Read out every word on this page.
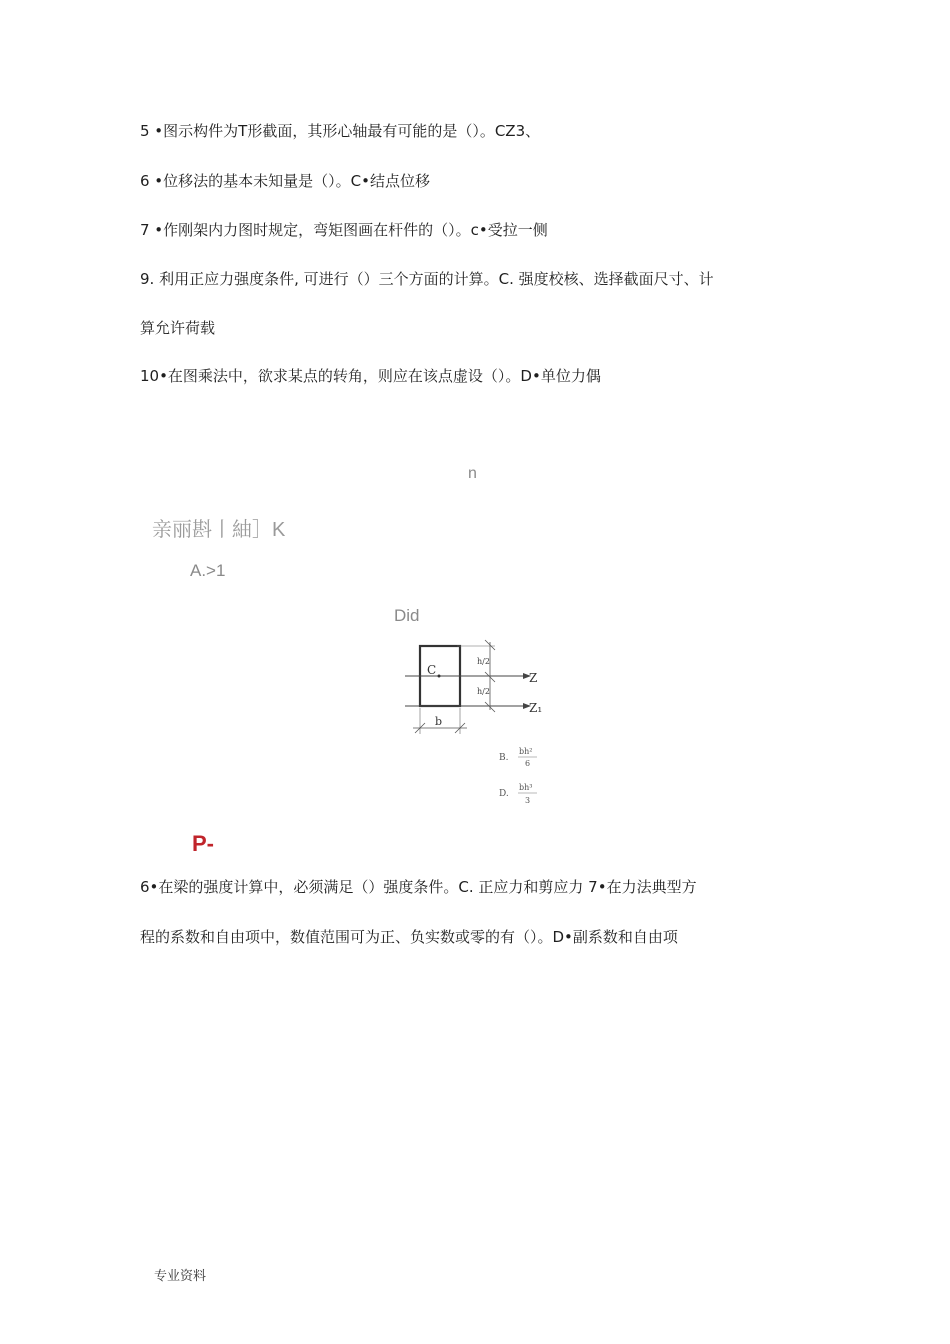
5 •图示构件为T形截面，其形心轴最有可能的是（）。CZ3、
6 •位移法的基本未知量是（）。C•结点位移
7 •作刚架内力图时规定，弯矩图画在杆件的（）。c•受拉一侧
9. 利用正应力强度条件, 可进行（）三个方面的计算。C. 强度校核、选择截面尺寸、计
算允许荷载
10•在图乘法中，欲求某点的转角，则应在该点虚设（）。D•单位力偶
n
亲丽斟丨紬］K
A.>1
Did
C
h/2
h/2
Z
Z₁
b
B.
bh²
6
D.
bh³
3
P-
6•在梁的强度计算中，必须满足（）强度条件。C. 正应力和剪应力 7•在力法典型方
程的系数和自由项中，数值范围可为正、负实数或零的有（）。D•副系数和自由项
专业资料
